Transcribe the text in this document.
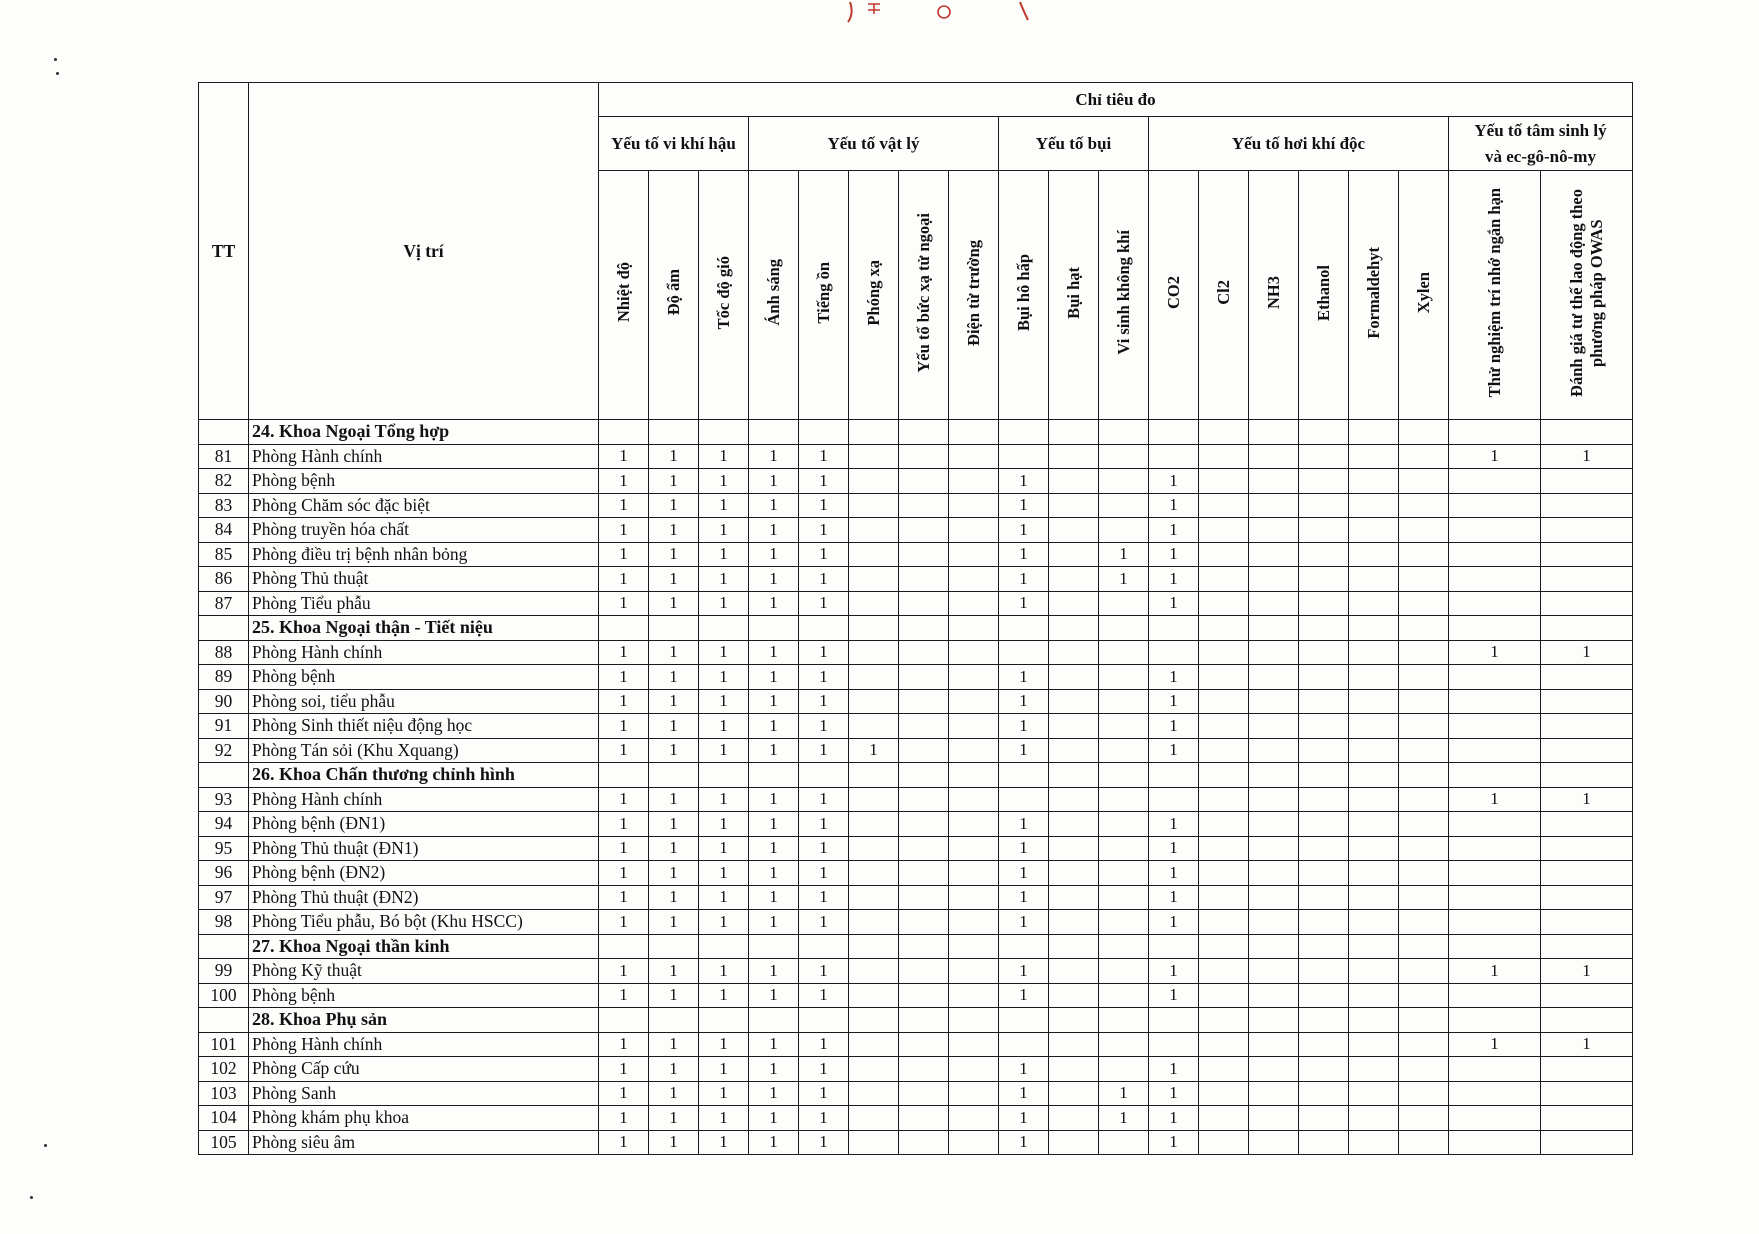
TT	Vị trí	Chỉ tiêu đo																		
		Yếu tố vi khí hậu			Yếu tố vật lý					Yếu tố bụi			Yếu tố hơi khí độc						Yếu tố tâm sinh lý
và ec-gô-nô-my	
		Nhiệt độ	Độ ẩm	Tốc độ gió	Ánh sáng	Tiếng ồn	Phóng xạ	Yếu tố bức xạ tử ngoại	Điện từ trường	Bụi hô hấp	Bụi hạt	Vi sinh không khí	CO2	Cl2	NH3	Ethanol	Formaldehyt	Xylen	Thử nghiệm trí nhớ ngắn hạn	Đánh giá tư thế lao động theo
phương pháp OWAS
	24. Khoa Ngoại Tổng hợp																			
81	Phòng Hành chính	1	1	1	1	1													1	1
82	Phòng bệnh	1	1	1	1	1				1			1							
83	Phòng Chăm sóc đặc biệt	1	1	1	1	1				1			1							
84	Phòng truyền hóa chất	1	1	1	1	1				1			1							
85	Phòng điều trị bệnh nhân bỏng	1	1	1	1	1				1		1	1							
86	Phòng Thủ thuật	1	1	1	1	1				1		1	1							
87	Phòng Tiểu phẫu	1	1	1	1	1				1			1							
	25. Khoa Ngoại thận - Tiết niệu																			
88	Phòng Hành chính	1	1	1	1	1													1	1
89	Phòng bệnh	1	1	1	1	1				1			1							
90	Phòng soi, tiểu phẫu	1	1	1	1	1				1			1							
91	Phòng Sinh thiết niệu động học	1	1	1	1	1				1			1							
92	Phòng Tán sỏi (Khu Xquang)	1	1	1	1	1	1			1			1							
	26. Khoa Chấn thương chỉnh hình																			
93	Phòng Hành chính	1	1	1	1	1													1	1
94	Phòng bệnh (ĐN1)	1	1	1	1	1				1			1							
95	Phòng Thủ thuật (ĐN1)	1	1	1	1	1				1			1							
96	Phòng bệnh (ĐN2)	1	1	1	1	1				1			1							
97	Phòng Thủ thuật (ĐN2)	1	1	1	1	1				1			1							
98	Phòng Tiểu phẫu, Bó bột (Khu HSCC)	1	1	1	1	1				1			1							
	27. Khoa Ngoại thần kinh																			
99	Phòng Kỹ thuật	1	1	1	1	1				1			1						1	1
100	Phòng bệnh	1	1	1	1	1				1			1							
	28. Khoa Phụ sản																			
101	Phòng Hành chính	1	1	1	1	1													1	1
102	Phòng Cấp cứu	1	1	1	1	1				1			1							
103	Phòng Sanh	1	1	1	1	1				1		1	1							
104	Phòng khám phụ khoa	1	1	1	1	1				1		1	1							
105	Phòng siêu âm	1	1	1	1	1				1			1							
